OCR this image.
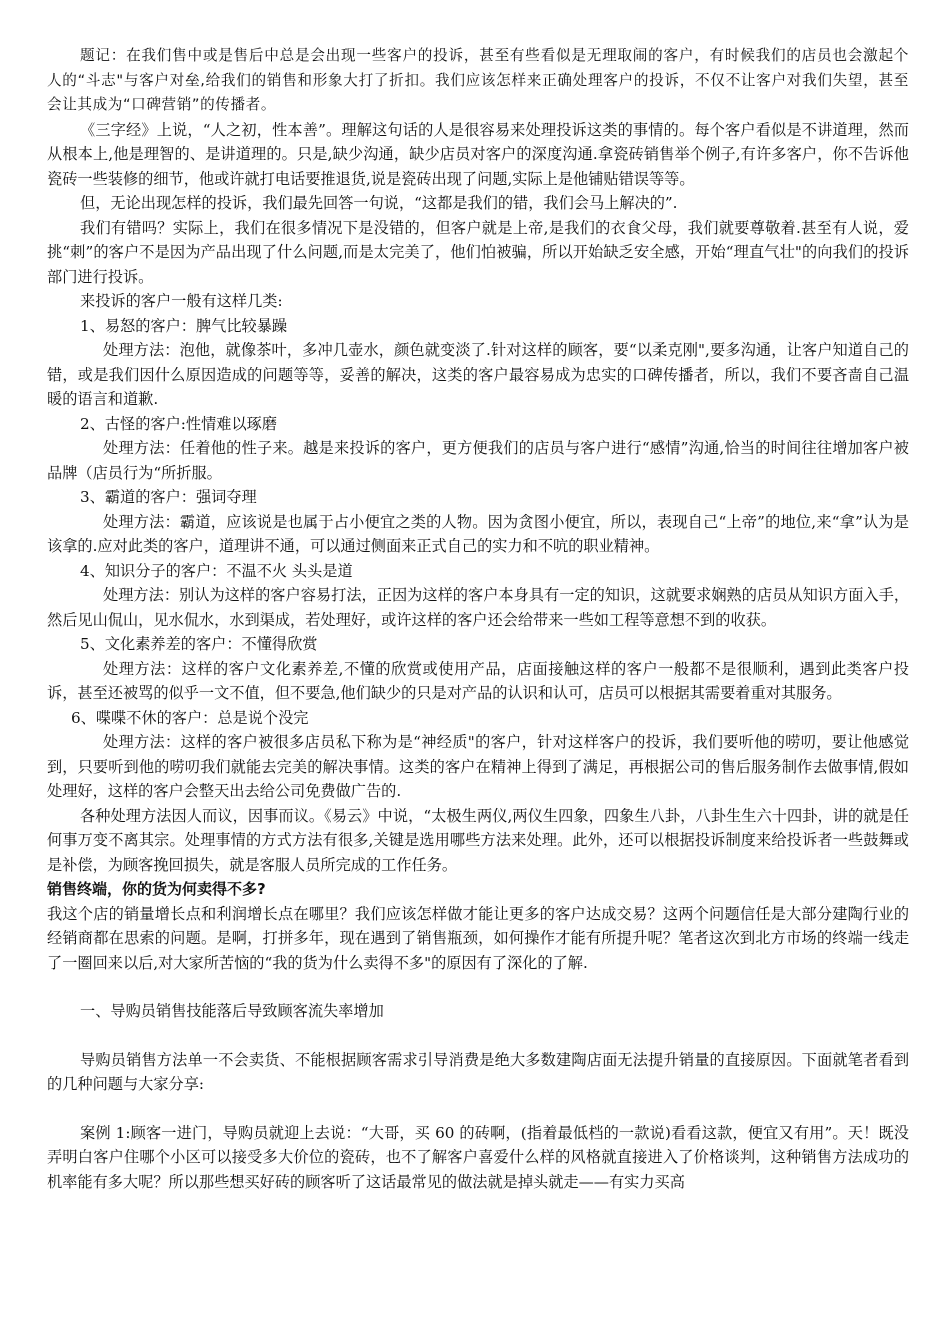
题记：在我们售中或是售后中总是会出现一些客户的投诉，甚至有些看似是无理取闹的客户，有时候我们的店员也会激起个人的“斗志"与客户对垒,给我们的销售和形象大打了折扣。我们应该怎样来正确处理客户的投诉，不仅不让客户对我们失望，甚至会让其成为“口碑营销”的传播者。

《三字经》上说，“人之初，性本善”。理解这句话的人是很容易来处理投诉这类的事情的。每个客户看似是不讲道理，然而从根本上,他是理智的、是讲道理的。只是,缺少沟通，缺少店员对客户的深度沟通.拿瓷砖销售举个例子,有许多客户，你不告诉他瓷砖一些装修的细节，他或许就打电话要推退货,说是瓷砖出现了问题,实际上是他铺贴错误等等。

但，无论出现怎样的投诉，我们最先回答一句说，“这都是我们的错，我们会马上解决的”.

我们有错吗？实际上，我们在很多情况下是没错的，但客户就是上帝,是我们的衣食父母，我们就要尊敬着.甚至有人说，爱挑“刺”的客户不是因为产品出现了什么问题,而是太完美了，他们怕被骗，所以开始缺乏安全感，开始“理直气壮"的向我们的投诉部门进行投诉。

来投诉的客户一般有这样几类:

1、易怒的客户：脾气比较暴躁

处理方法：泡他，就像茶叶，多冲几壶水，颜色就变淡了.针对这样的顾客，要“以柔克刚",要多沟通，让客户知道自己的错，或是我们因什么原因造成的问题等等，妥善的解决，这类的客户最容易成为忠实的口碑传播者，所以，我们不要吝啬自己温暖的语言和道歉.

2、古怪的客户:性情难以琢磨

处理方法：任着他的性子来。越是来投诉的客户，更方便我们的店员与客户进行“感情”沟通,恰当的时间往往增加客户被品牌（店员行为“所折服。

3、霸道的客户：强词夺理

处理方法：霸道，应该说是也属于占小便宜之类的人物。因为贪图小便宜，所以，表现自己“上帝”的地位,来“拿”认为是该拿的.应对此类的客户，道理讲不通，可以通过侧面来正式自己的实力和不吭的职业精神。

4、知识分子的客户：不温不火 头头是道

处理方法：别认为这样的客户容易打法，正因为这样的客户本身具有一定的知识，这就要求娴熟的店员从知识方面入手，然后见山侃山，见水侃水，水到渠成，若处理好，或许这样的客户还会给带来一些如工程等意想不到的收获。

5、文化素养差的客户：不懂得欣赏

处理方法：这样的客户文化素养差,不懂的欣赏或使用产品，店面接触这样的客户一般都不是很顺利，遇到此类客户投诉，甚至还被骂的似乎一文不值，但不要急,他们缺少的只是对产品的认识和认可，店员可以根据其需要着重对其服务。

6、喋喋不休的客户：总是说个没完

处理方法：这样的客户被很多店员私下称为是“神经质"的客户，针对这样客户的投诉，我们要听他的唠叨，要让他感觉到，只要听到他的唠叨我们就能去完美的解决事情。这类的客户在精神上得到了满足，再根据公司的售后服务制作去做事情,假如处理好，这样的客户会整天出去给公司免费做广告的.

各种处理方法因人而议，因事而议。《易云》中说，“太极生两仪,两仪生四象，四象生八卦，八卦生生六十四卦，讲的就是任何事万变不离其宗。处理事情的方式方法有很多,关键是选用哪些方法来处理。此外，还可以根据投诉制度来给投诉者一些鼓舞或是补偿，为顾客挽回损失，就是客服人员所完成的工作任务。

销售终端，你的货为何卖得不多?

我这个店的销量增长点和利润增长点在哪里？我们应该怎样做才能让更多的客户达成交易？这两个问题信任是大部分建陶行业的经销商都在思索的问题。是啊，打拼多年，现在遇到了销售瓶颈，如何操作才能有所提升呢？笔者这次到北方市场的终端一线走了一圈回来以后,对大家所苦恼的“我的货为什么卖得不多"的原因有了深化的了解.

一、导购员销售技能落后导致顾客流失率增加

导购员销售方法单一不会卖货、不能根据顾客需求引导消费是绝大多数建陶店面无法提升销量的直接原因。下面就笔者看到的几种问题与大家分享:

案例 1:顾客一进门，导购员就迎上去说：“大哥，买 60 的砖啊，(指着最低档的一款说)看看这款，便宜又有用”。天！既没弄明白客户住哪个小区可以接受多大价位的瓷砖，也不了解客户喜爱什么样的风格就直接进入了价格谈判，这种销售方法成功的机率能有多大呢？所以那些想买好砖的顾客听了这话最常见的做法就是掉头就走——有实力买高
